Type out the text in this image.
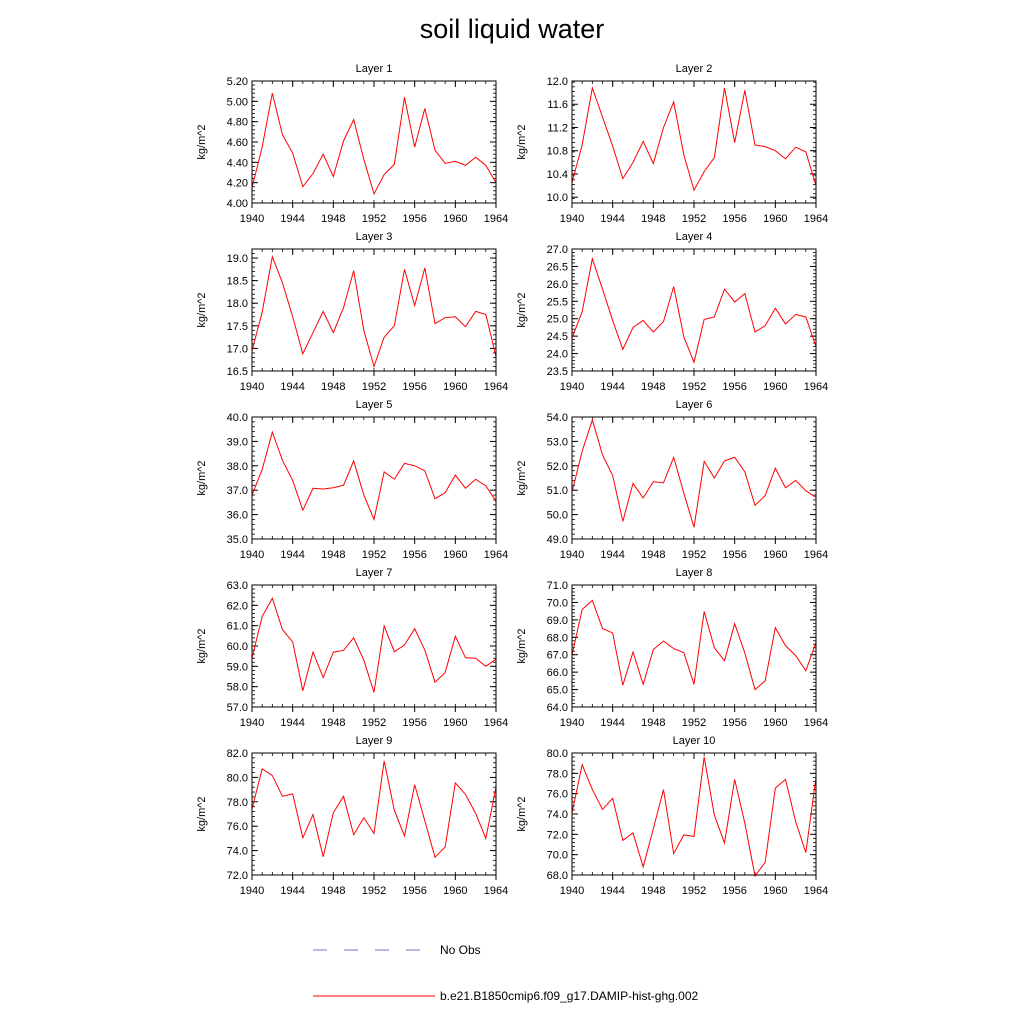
soil liquid water
Layer 1
kg/m^2
4.00
4.20
4.40
4.60
4.80
5.00
5.20
1940 1944 1948 1952 1956 1960 1964
Layer 2
kg/m^2
10.0
10.4
10.8
11.2
11.6
12.0
1940 1944 1948 1952 1956 1960 1964
Layer 3
kg/m^2
16.5
17.0
17.5
18.0
18.5
19.0
1940 1944 1948 1952 1956 1960 1964
Layer 4
kg/m^2
23.5
24.0
24.5
25.0
25.5
26.0
26.5
27.0
1940 1944 1948 1952 1956 1960 1964
Layer 5
kg/m^2
35.0
36.0
37.0
38.0
39.0
40.0
1940 1944 1948 1952 1956 1960 1964
Layer 6
kg/m^2
49.0
50.0
51.0
52.0
53.0
54.0
1940 1944 1948 1952 1956 1960 1964
Layer 7
kg/m^2
57.0
58.0
59.0
60.0
61.0
62.0
63.0
1940 1944 1948 1952 1956 1960 1964
Layer 8
kg/m^2
64.0
65.0
66.0
67.0
68.0
69.0
70.0
71.0
1940 1944 1948 1952 1956 1960 1964
Layer 9
kg/m^2
72.0
74.0
76.0
78.0
80.0
82.0
1940 1944 1948 1952 1956 1960 1964
Layer 10
kg/m^2
68.0
70.0
72.0
74.0
76.0
78.0
80.0
1940 1944 1948 1952 1956 1960 1964
No Obs
b.e21.B1850cmip6.f09_g17.DAMIP-hist-ghg.002
